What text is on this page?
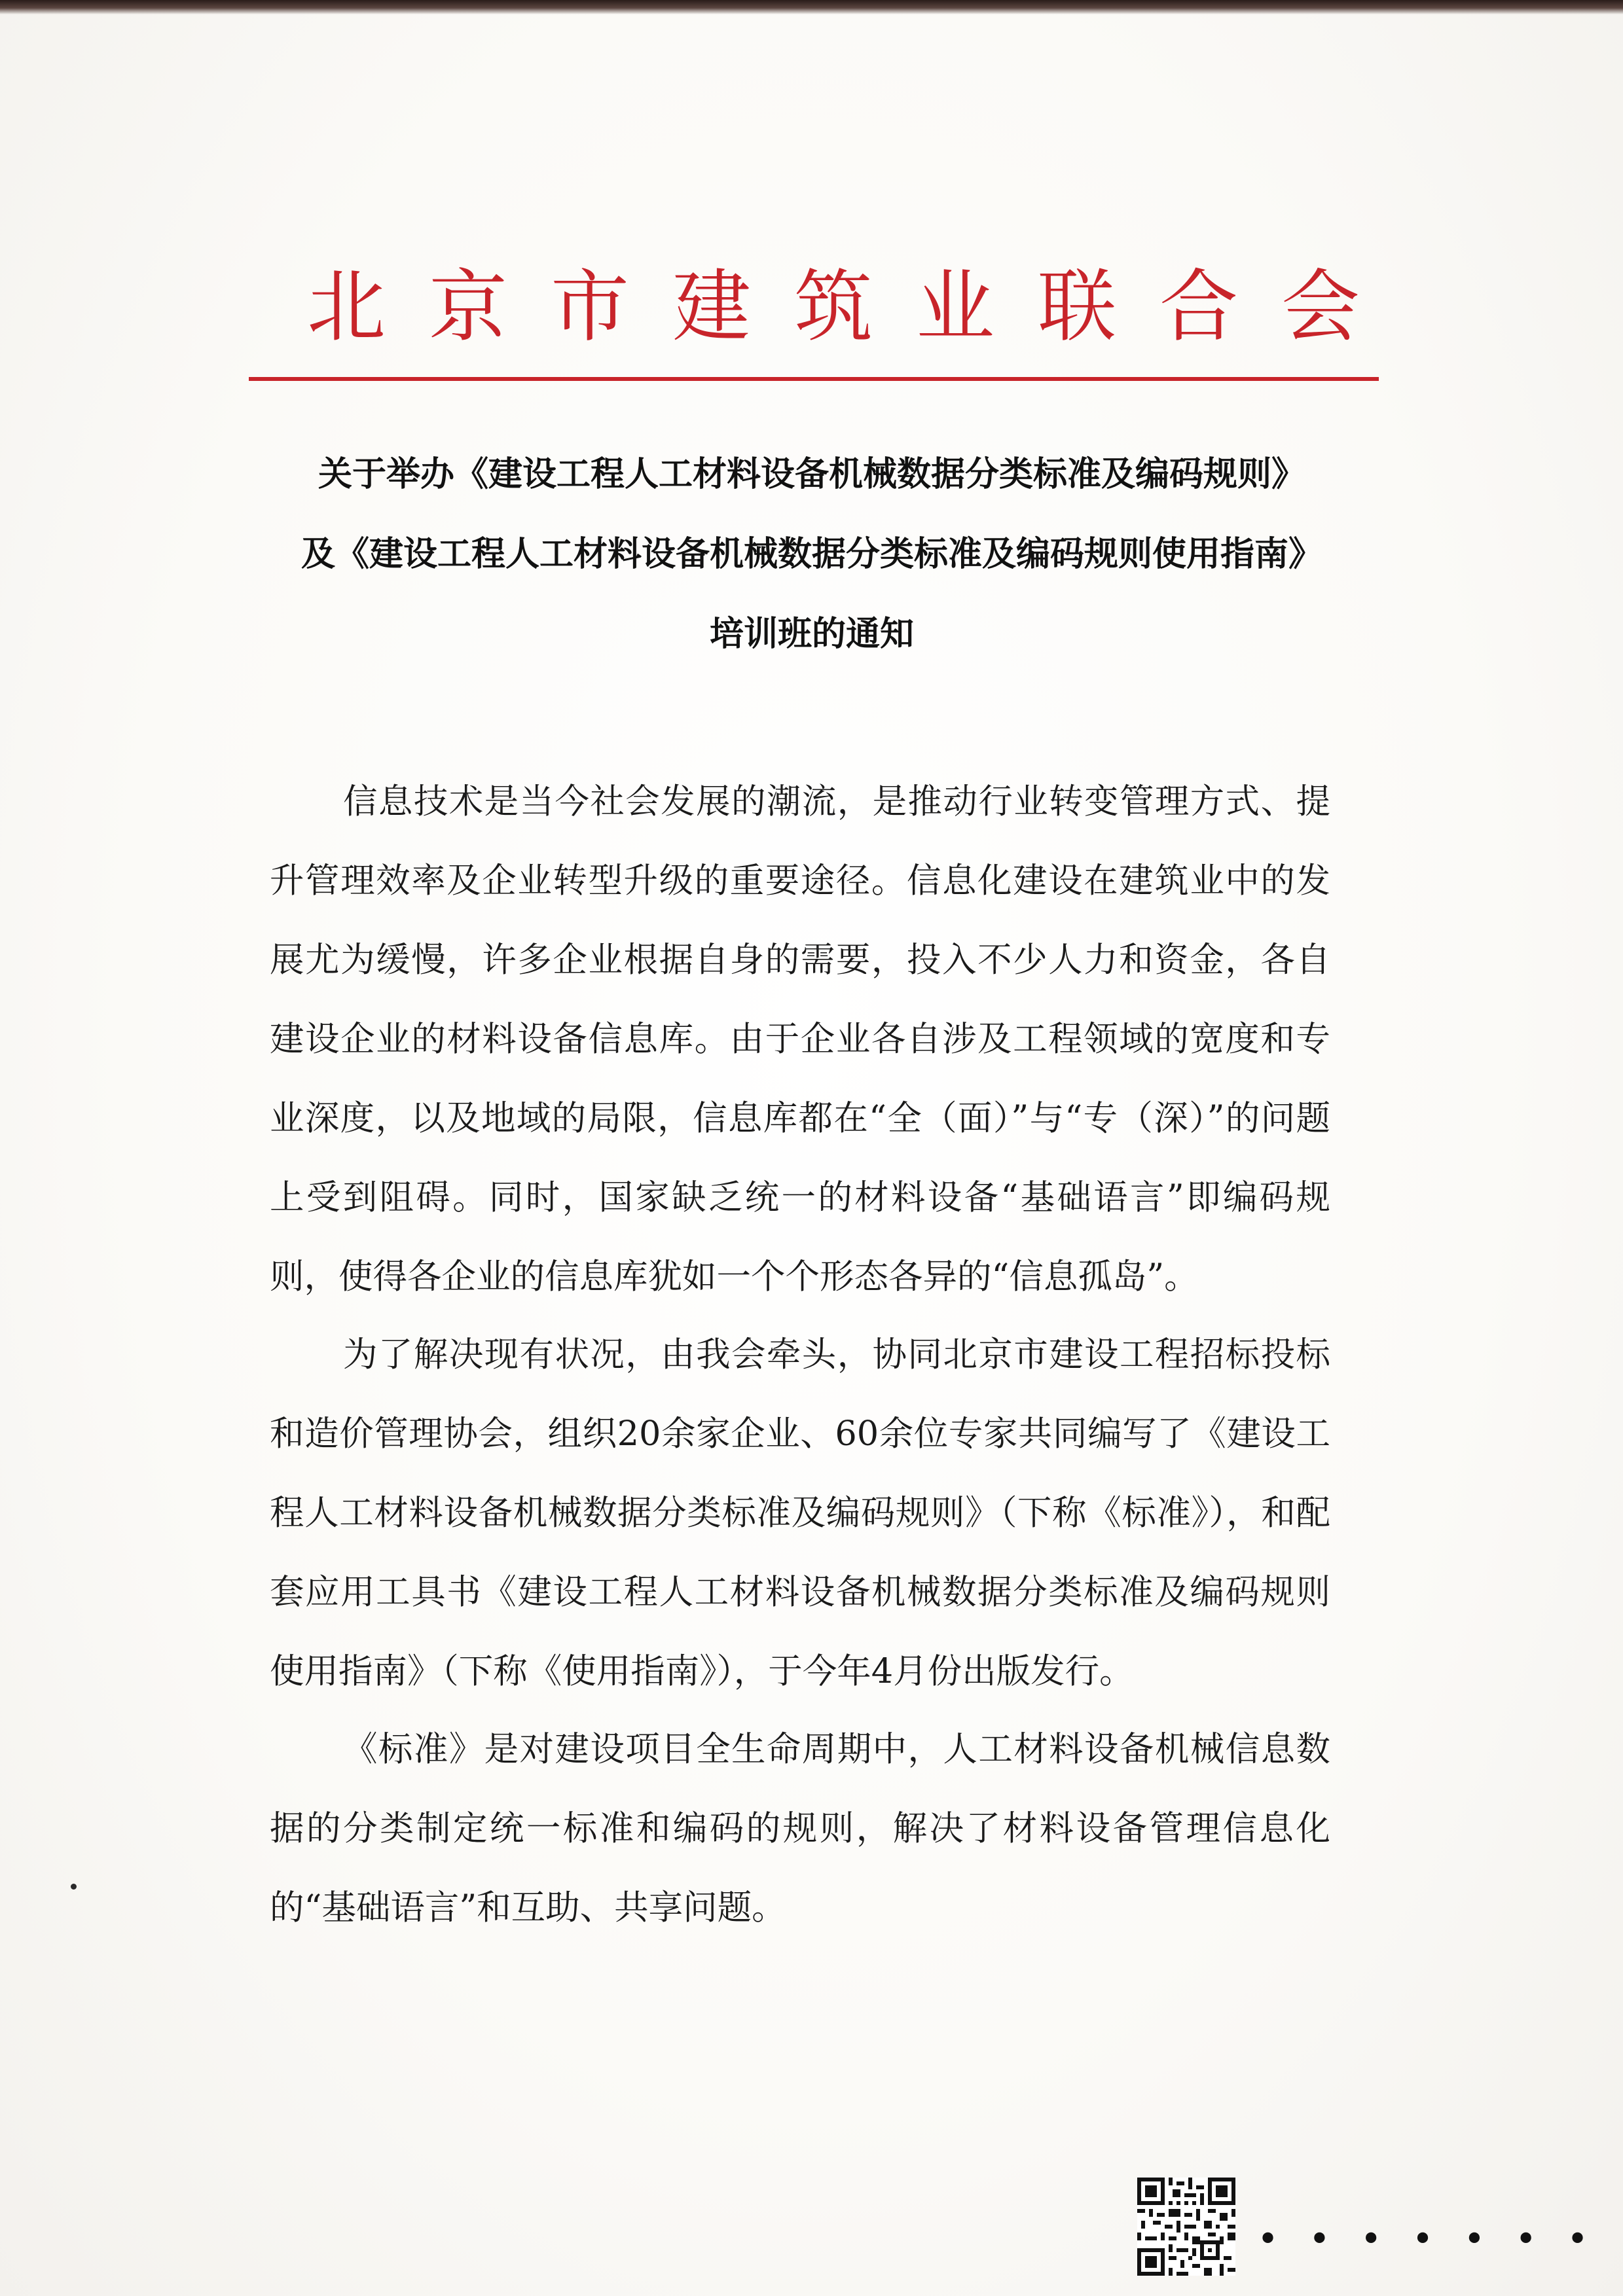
北京市建筑业联合会
关于举办《建设工程人工材料设备机械数据分类标准及编码规则》
及《建设工程人工材料设备机械数据分类标准及编码规则使用指南》
培训班的通知

信息技术是当今社会发展的潮流，是推动行业转变管理方式、提升管理效率及企业转型升级的重要途径。信息化建设在建筑业中的发展尤为缓慢，许多企业根据自身的需要，投入不少人力和资金，各自建设企业的材料设备信息库。由于企业各自涉及工程领域的宽度和专业深度，以及地域的局限，信息库都在“全（面）”与“专（深）”的问题上受到阻碍。同时，国家缺乏统一的材料设备“基础语言”即编码规则，使得各企业的信息库犹如一个个形态各异的“信息孤岛”。

为了解决现有状况，由我会牵头，协同北京市建设工程招标投标和造价管理协会，组织20余家企业、60余位专家共同编写了《建设工程人工材料设备机械数据分类标准及编码规则》（下称《标准》），和配套应用工具书《建设工程人工材料设备机械数据分类标准及编码规则使用指南》（下称《使用指南》），于今年4月份出版发行。

《标准》是对建设项目全生命周期中，人工材料设备机械信息数据的分类制定统一标准和编码的规则，解决了材料设备管理信息化的“基础语言”和互助、共享问题。

• • • • • • •
